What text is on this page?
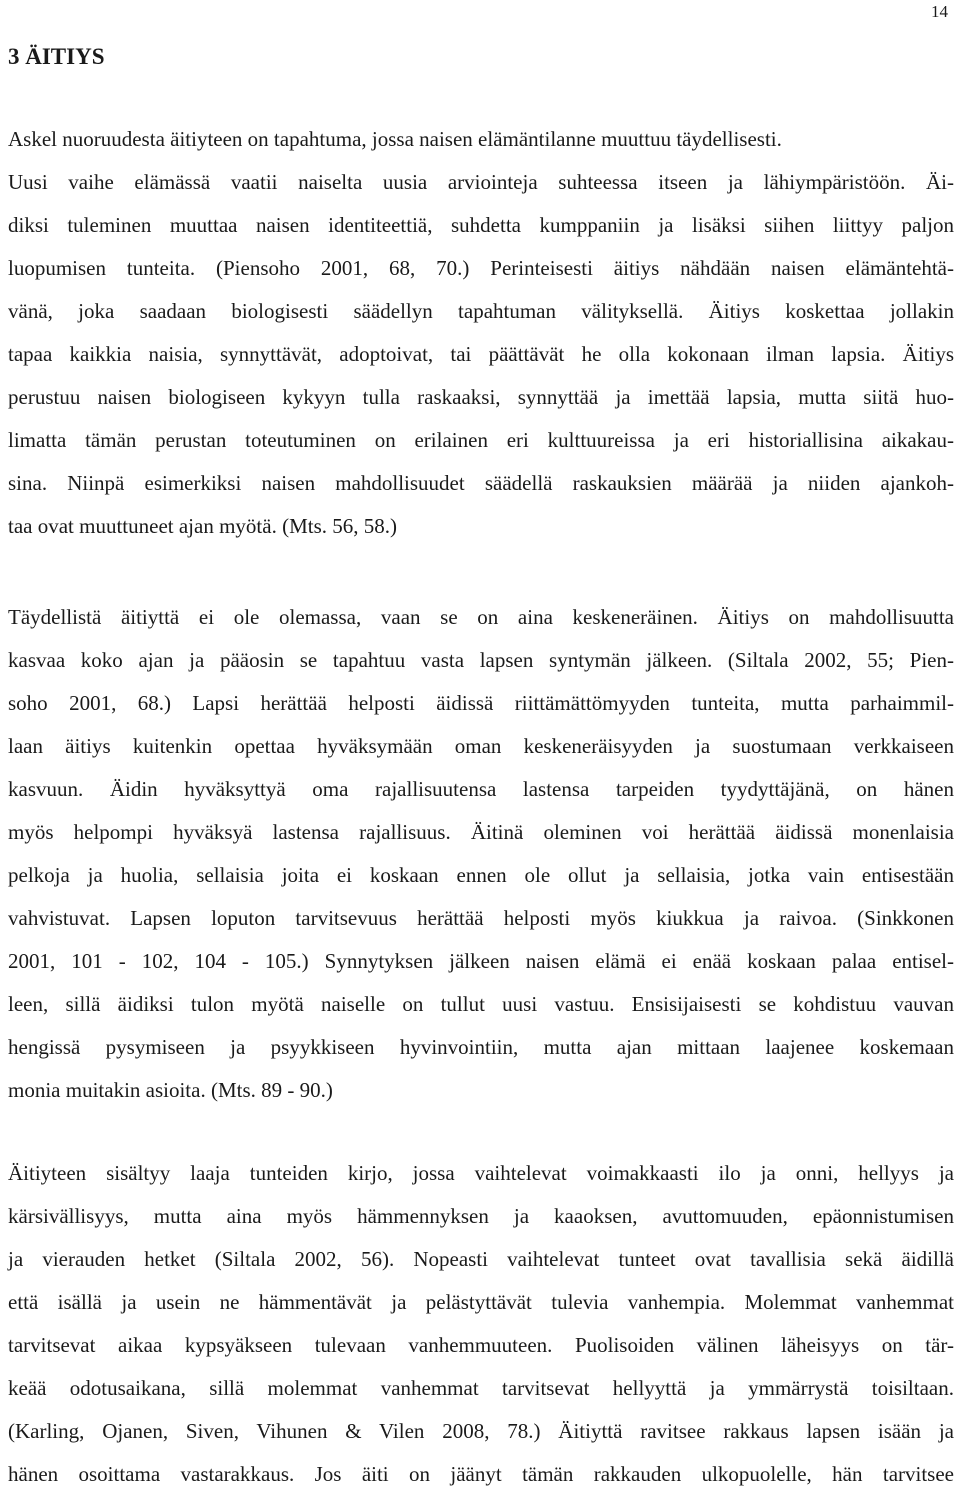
14
3 ÄITIYS

Askel nuoruudesta äitiyteen on tapahtuma, jossa naisen elämäntilanne muuttuu täydellisesti.
Uusi vaihe elämässä vaatii naiselta uusia arviointeja suhteessa itseen ja lähiympäristöön. Äi-
diksi tuleminen muuttaa naisen identiteettiä, suhdetta kumppaniin ja lisäksi siihen liittyy paljon
luopumisen tunteita. (Piensoho 2001, 68, 70.) Perinteisesti äitiys nähdään naisen elämäntehtä-
vänä, joka saadaan biologisesti säädellyn tapahtuman välityksellä. Äitiys koskettaa jollakin
tapaa kaikkia naisia, synnyttävät, adoptoivat, tai päättävät he olla kokonaan ilman lapsia. Äitiys
perustuu naisen biologiseen kykyyn tulla raskaaksi, synnyttää ja imettää lapsia, mutta siitä huo-
limatta tämän perustan toteutuminen on erilainen eri kulttuureissa ja eri historiallisina aikakau-
sina. Niinpä esimerkiksi naisen mahdollisuudet säädellä raskauksien määrää ja niiden ajankoh-
taa ovat muuttuneet ajan myötä. (Mts. 56, 58.)

Täydellistä äitiyttä ei ole olemassa, vaan se on aina keskeneräinen. Äitiys on mahdollisuutta
kasvaa koko ajan ja pääosin se tapahtuu vasta lapsen syntymän jälkeen. (Siltala 2002, 55; Pien-
soho 2001, 68.) Lapsi herättää helposti äidissä riittämättömyyden tunteita, mutta parhaimmil-
laan äitiys kuitenkin opettaa hyväksymään oman keskeneräisyyden ja suostumaan verkkaiseen
kasvuun. Äidin hyväksyttyä oma rajallisuutensa lastensa tarpeiden tyydyttäjänä, on hänen
myös helpompi hyväksyä lastensa rajallisuus. Äitinä oleminen voi herättää äidissä monenlaisia
pelkoja ja huolia, sellaisia joita ei koskaan ennen ole ollut ja sellaisia, jotka vain entisestään
vahvistuvat. Lapsen loputon tarvitsevuus herättää helposti myös kiukkua ja raivoa. (Sinkkonen
2001, 101 - 102, 104 - 105.) Synnytyksen jälkeen naisen elämä ei enää koskaan palaa entisel-
leen, sillä äidiksi tulon myötä naiselle on tullut uusi vastuu. Ensisijaisesti se kohdistuu vauvan
hengissä pysymiseen ja psyykkiseen hyvinvointiin, mutta ajan mittaan laajenee koskemaan
monia muitakin asioita. (Mts. 89 - 90.)

Äitiyteen sisältyy laaja tunteiden kirjo, jossa vaihtelevat voimakkaasti ilo ja onni, hellyys ja
kärsivällisyys, mutta aina myös hämmennyksen ja kaaoksen, avuttomuuden, epäonnistumisen
ja vierauden hetket (Siltala 2002, 56). Nopeasti vaihtelevat tunteet ovat tavallisia sekä äidillä
että isällä ja usein ne hämmentävät ja pelästyttävät tulevia vanhempia. Molemmat vanhemmat
tarvitsevat aikaa kypsyäkseen tulevaan vanhemmuuteen. Puolisoiden välinen läheisyys on tär-
keää odotusaikana, sillä molemmat vanhemmat tarvitsevat hellyyttä ja ymmärrystä toisiltaan.
(Karling, Ojanen, Siven, Vihunen & Vilen 2008, 78.) Äitiyttä ravitsee rakkaus lapsen isään ja
hänen osoittama vastarakkaus. Jos äiti on jäänyt tämän rakkauden ulkopuolelle, hän tarvitsee
